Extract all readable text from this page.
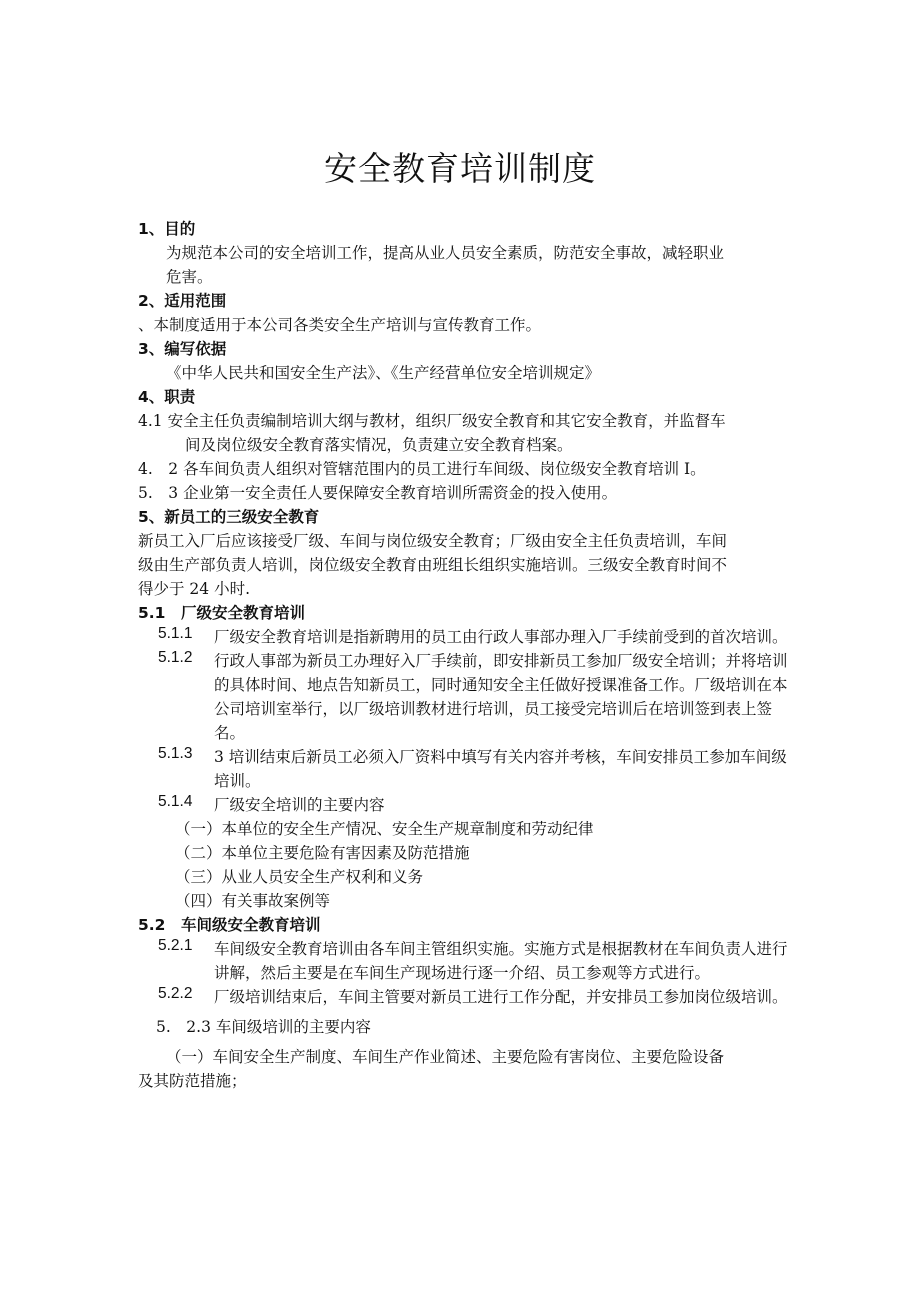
安全教育培训制度
1、目的
为规范本公司的安全培训工作，提高从业人员安全素质，防范安全事故，减轻职业
危害。
2、适用范围
、本制度适用于本公司各类安全生产培训与宣传教育工作。
3、编写依据
《中华人民共和国安全生产法》、《生产经营单位安全培训规定》
4、职责
4.1 安全主任负责编制培训大纲与教材，组织厂级安全教育和其它安全教育，并监督车
间及岗位级安全教育落实情况，负责建立安全教育档案。
4.　2 各车间负责人组织对管辖范围内的员工进行车间级、岗位级安全教育培训 I。
5.　3 企业第一安全责任人要保障安全教育培训所需资金的投入使用。
5、新员工的三级安全教育
新员工入厂后应该接受厂级、车间与岗位级安全教育；厂级由安全主任负责培训，车间
级由生产部负责人培训，岗位级安全教育由班组长组织实施培训。三级安全教育时间不
得少于 24 小时.
5.1　厂级安全教育培训
5.1.1	厂级安全教育培训是指新聘用的员工由行政人事部办理入厂手续前受到的首次培训。
5.1.2	行政人事部为新员工办理好入厂手续前，即安排新员工参加厂级安全培训；并将培训的具体时间、地点告知新员工，同时通知安全主任做好授课准备工作。厂级培训在本公司培训室举行，以厂级培训教材进行培训，员工接受完培训后在培训签到表上签名。
5.1.3	3 培训结束后新员工必须入厂资料中填写有关内容并考核，车间安排员工参加车间级培训。
5.1.4	厂级安全培训的主要内容
（一）本单位的安全生产情况、安全生产规章制度和劳动纪律
（二）本单位主要危险有害因素及防范措施
（三）从业人员安全生产权利和义务
（四）有关事故案例等
5.2　车间级安全教育培训
5.2.1	车间级安全教育培训由各车间主管组织实施。实施方式是根据教材在车间负责人进行讲解，然后主要是在车间生产现场进行逐一介绍、员工参观等方式进行。
5.2.2	厂级培训结束后，车间主管要对新员工进行工作分配，并安排员工参加岗位级培训。
5.　2.3 车间级培训的主要内容
（一）车间安全生产制度、车间生产作业简述、主要危险有害岗位、主要危险设备
及其防范措施；
